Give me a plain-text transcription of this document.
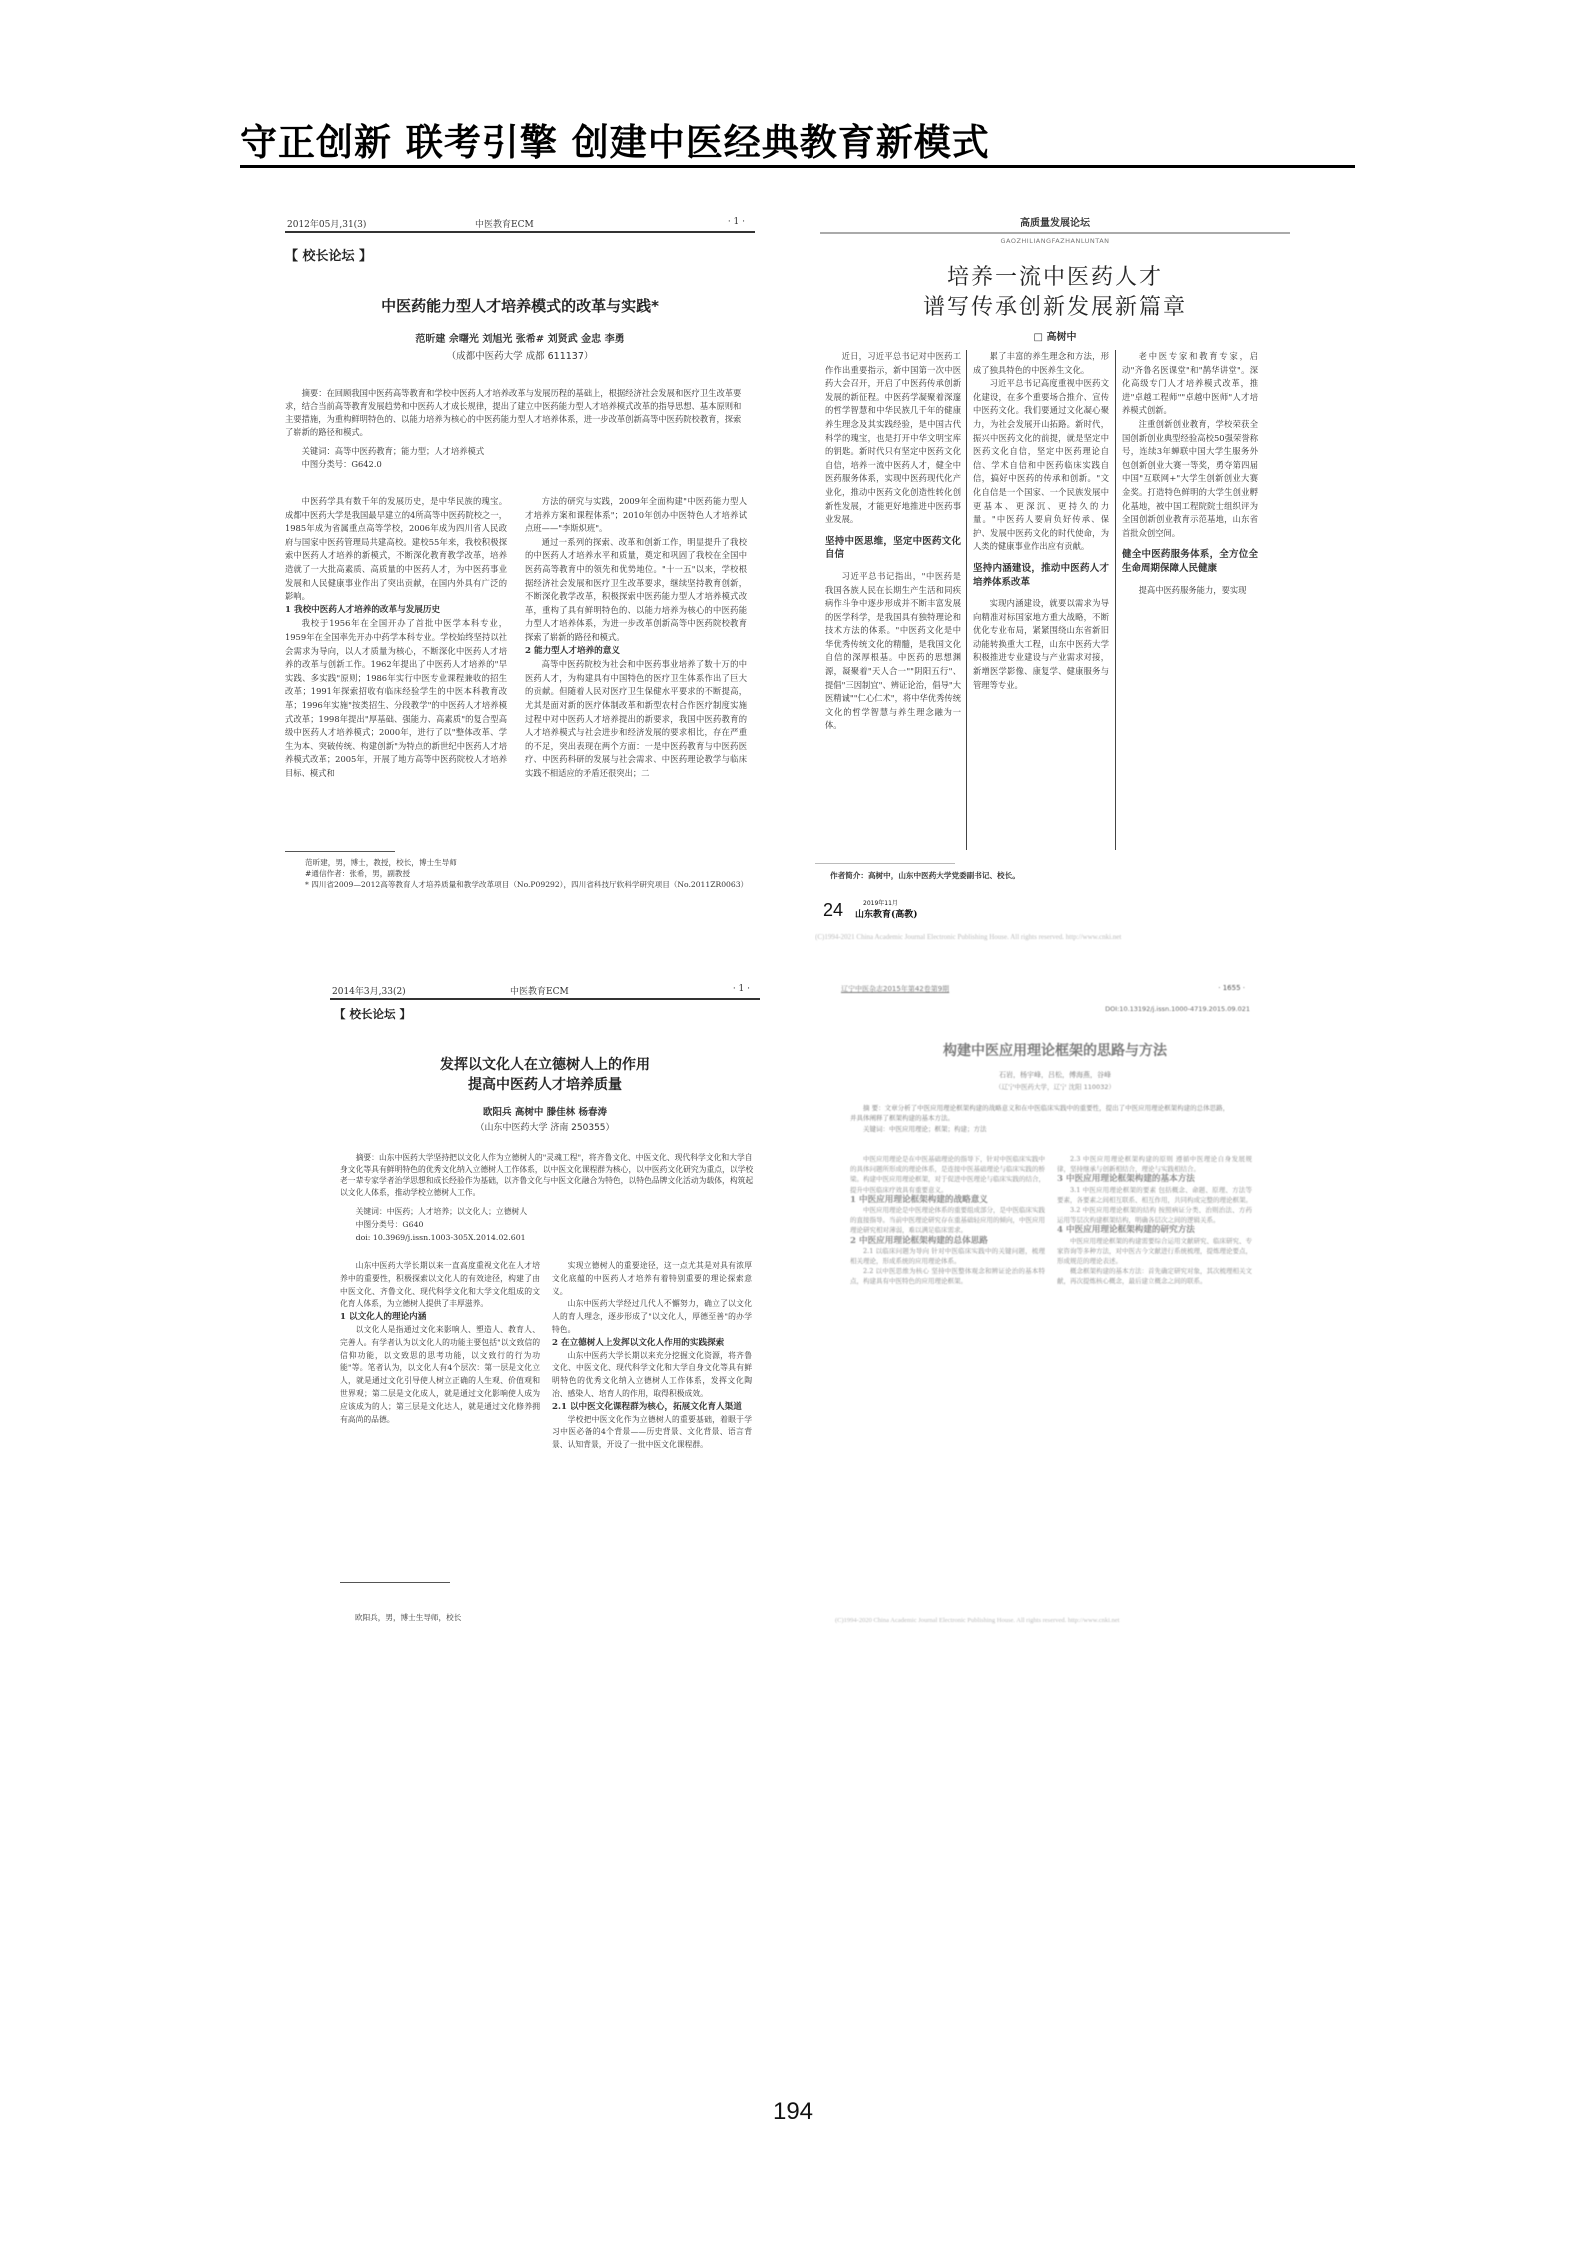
守正创新 联考引擎 创建中医经典教育新模式
2012年05月,31(3)	中医教育ECM	· 1 ·
【 校长论坛 】
中医药能力型人才培养模式的改革与实践*
范昕建 佘曙光 刘旭光 张希# 刘贤武 金忠 李勇
（成都中医药大学 成都 611137）
摘要：在回顾我国中医药高等教育和学校中医药人才培养改革与发展历程的基础上，根据经济社会发展和医疗卫生改革要求，结合当前高等教育发展趋势和中医药人才成长规律，提出了建立中医药能力型人才培养模式改革的指导思想、基本原则和主要措施，为重构鲜明特色的、以能力培养为核心的中医药能力型人才培养体系，进一步改革创新高等中医药院校教育，探索了崭新的路径和模式。
关键词：高等中医药教育；能力型；人才培养模式
中图分类号：G642.0

中医药学具有数千年的发展历史，是中华民族的瑰宝。成都中医药大学是我国最早建立的4所高等中医药院校之一，1985年成为省属重点高等学校，2006年成为四川省人民政府与国家中医药管理局共建高校。建校55年来，我校积极探索中医药人才培养的新模式，不断深化教育教学改革，培养造就了一大批高素质、高质量的中医药人才，为中医药事业发展和人民健康事业作出了突出贡献，在国内外具有广泛的影响。

1 我校中医药人才培养的改革与发展历史

我校于1956年在全国开办了首批中医学本科专业，1959年在全国率先开办中药学本科专业。学校始终坚持以社会需求为导向，以人才质量为核心，不断深化中医药人才培养的改革与创新工作。1962年提出了中医药人才培养的"早实践、多实践"原则；1986年实行中医专业课程兼收的招生改革；1991年探索招收有临床经验学生的中医本科教育改革；1996年实施"按类招生、分段教学"的中医药人才培养模式改革；1998年提出"厚基础、强能力、高素质"的复合型高级中医药人才培养模式；2000年，进行了以"整体改革、学生为本、突破传统、构建创新"为特点的新世纪中医药人才培养模式改革；2005年，开展了地方高等中医药院校人才培养目标、模式和

方法的研究与实践，2009年全面构建"中医药能力型人才培养方案和课程体系"；2010年创办中医特色人才培养试点班——"李斯炽班"。

通过一系列的探索、改革和创新工作，明显提升了我校的中医药人才培养水平和质量，奠定和巩固了我校在全国中医药高等教育中的领先和优势地位。"十一五"以来，学校根据经济社会发展和医疗卫生改革要求，继续坚持教育创新，不断深化教学改革，积极探索中医药能力型人才培养模式改革，重构了具有鲜明特色的、以能力培养为核心的中医药能力型人才培养体系，为进一步改革创新高等中医药院校教育探索了崭新的路径和模式。

2 能力型人才培养的意义

高等中医药院校为社会和中医药事业培养了数十万的中医药人才，为构建具有中国特色的医疗卫生体系作出了巨大的贡献。但随着人民对医疗卫生保健水平要求的不断提高，尤其是面对新的医疗体制改革和新型农村合作医疗制度实施过程中对中医药人才培养提出的新要求，我国中医药教育的人才培养模式与社会进步和经济发展的要求相比，存在严重的不足，突出表现在两个方面：一是中医药教育与中医药医疗、中医药科研的发展与社会需求、中医药理论教学与临床实践不相适应的矛盾还很突出；二

范昕建，男，博士，教授，校长，博士生导师
#通信作者：张希，男，副教授
* 四川省2009—2012高等教育人才培养质量和教学改革项目（No.P09292），四川省科技厅软科学研究项目（No.2011ZR0063）
高质量发展论坛
GAOZHILIANGFAZHANLUNTAN
培养一流中医药人才
谱写传承创新发展新篇章
□ 高树中

近日，习近平总书记对中医药工作作出重要指示，新中国第一次中医药大会召开，开启了中医药传承创新发展的新征程。中医药学凝聚着深邃的哲学智慧和中华民族几千年的健康养生理念及其实践经验，是中国古代科学的瑰宝，也是打开中华文明宝库的钥匙。新时代只有坚定中医药文化自信，培养一流中医药人才，健全中医药服务体系，实现中医药现代化产业化，推动中医药文化创造性转化创新性发展，才能更好地推进中医药事业发展。

坚持中医思维，坚定中医药文化自信

习近平总书记指出，"中医药是我国各族人民在长期生产生活和同疾病作斗争中逐步形成并不断丰富发展的医学科学，是我国具有独特理论和技术方法的体系。"中医药文化是中华优秀传统文化的精髓，是我国文化自信的深厚根基。中医药的思想渊源，凝聚着"天人合一""阴阳五行"、提倡"三因制宜"、辨证论治，倡导"大医精诚""仁心仁术"，将中华优秀传统文化的哲学智慧与养生理念融为一体。

累了丰富的养生理念和方法，形成了独具特色的中医养生文化。

习近平总书记高度重视中医药文化建设，在多个重要场合推介、宣传中医药文化。我们要通过文化凝心聚力，为社会发展开山拓路。新时代，振兴中医药文化的前提，就是坚定中医药文化自信，坚定中医药理论自信、学术自信和中医药临床实践自信，搞好中医药的传承和创新。"文化自信是一个国家、一个民族发展中更基本、更深沉、更持久的力量。"中医药人要肩负好传承、保护、发展中医药文化的时代使命，为人类的健康事业作出应有贡献。

坚持内涵建设，推动中医药人才培养体系改革

实现内涵建设，就要以需求为导向精准对标国家地方重大战略，不断优化专业布局，紧紧围绕山东省新旧动能转换重大工程，山东中医药大学积极推进专业建设与产业需求对接，新增医学影像、康复学、健康服务与管理等专业。

老中医专家和教育专家，启动"齐鲁名医课堂"和"鹊华讲堂"。深化高级专门人才培养模式改革，推进"卓越工程师""卓越中医师"人才培养模式创新。

注重创新创业教育，学校荣获全国创新创业典型经验高校50强荣誉称号，连续3年蝉联中国大学生服务外包创新创业大赛一等奖，勇夺第四届中国"互联网+"大学生创新创业大赛金奖。打造特色鲜明的大学生创业孵化基地，被中国工程院院士组织评为全国创新创业教育示范基地，山东省首批众创空间。

健全中医药服务体系，全方位全生命周期保障人民健康

提高中医药服务能力，要实现

作者简介：高树中，山东中医药大学党委副书记、校长。
24	2019年11月
山东教育(高教)
(C)1994-2021 China Academic Journal Electronic Publishing House. All rights reserved. http://www.cnki.net
2014年3月,33(2)	中医教育ECM	· 1 ·
【 校长论坛 】
发挥以文化人在立德树人上的作用
提高中医药人才培养质量
欧阳兵 高树中 滕佳林 杨春涛
（山东中医药大学 济南 250355）
摘要：山东中医药大学坚持把以文化人作为立德树人的"灵魂工程"，将齐鲁文化、中医文化、现代科学文化和大学自身文化等具有鲜明特色的优秀文化纳入立德树人工作体系，以中医文化课程群为核心，以中医药文化研究为重点，以学校老一辈专家学者治学思想和成长经验作为基础，以齐鲁文化与中医文化融合为特色，以特色品牌文化活动为载体，构筑起以文化人体系，推动学校立德树人工作。
关键词：中医药；人才培养；以文化人；立德树人
中图分类号：G640
doi: 10.3969/j.issn.1003-305X.2014.02.601

山东中医药大学长期以来一直高度重视文化在人才培养中的重要性，积极探索以文化人的有效途径，构建了由中医文化、齐鲁文化、现代科学文化和大学文化组成的文化育人体系，为立德树人提供了丰厚滋养。

1 以文化人的理论内涵

以文化人是指通过文化来影响人、塑造人、教育人、完善人。有学者认为以文化人的功能主要包括"以文致信的信仰功能，以文致思的思考功能，以文致行的行为功能"等。笔者认为，以文化人有4个层次：第一层是文化立人，就是通过文化引导使人树立正确的人生观、价值观和世界观；第二层是文化成人，就是通过文化影响使人成为应该成为的人；第三层是文化达人，就是通过文化修养拥有高尚的品德。

实现立德树人的重要途径，这一点尤其是对具有浓厚文化底蕴的中医药人才培养有着特别重要的理论探索意义。

山东中医药大学经过几代人不懈努力，确立了以文化人的育人理念，逐步形成了"以文化人，厚德至善"的办学特色。

2 在立德树人上发挥以文化人作用的实践探索

山东中医药大学长期以来充分挖掘文化资源，将齐鲁文化、中医文化、现代科学文化和大学自身文化等具有鲜明特色的优秀文化纳入立德树人工作体系，发挥文化陶冶、感染人、培育人的作用，取得积极成效。

2.1 以中医文化课程群为核心，拓展文化育人渠道

学校把中医文化作为立德树人的重要基础，着眼于学习中医必备的4个背景——历史背景、文化背景、语言背景、认知背景，开设了一批中医文化课程群。

欧阳兵，男，博士生导师，校长
辽宁中医杂志2015年第42卷第9期	· 1655 ·
DOI:10.13192/j.issn.1000-4719.2015.09.021
构建中医应用理论框架的思路与方法
石岩，杨宇峰，吕松，傅海燕，谷峰
（辽宁中医药大学，辽宁 沈阳 110032）
摘 要：文章分析了中医应用理论框架构建的战略意义和在中医临床实践中的重要性，提出了中医应用理论框架构建的总体思路，并具体阐释了框架构建的基本方法。
关键词：中医应用理论；框架；构建；方法

中医应用理论是在中医基础理论的指导下，针对中医临床实践中的具体问题所形成的理论体系，是连接中医基础理论与临床实践的桥梁。构建中医应用理论框架，对于促进中医理论与临床实践的结合，提升中医临床疗效具有重要意义。

1 中医应用理论框架构建的战略意义

中医应用理论是中医理论体系的重要组成部分，是中医临床实践的直接指导。当前中医理论研究存在重基础轻应用的倾向，中医应用理论研究相对薄弱，难以满足临床需求。

2 中医应用理论框架构建的总体思路

2.1 以临床问题为导向 针对中医临床实践中的关键问题，梳理相关理论，形成系统的应用理论体系。

2.2 以中医思维为核心 坚持中医整体观念和辨证论治的基本特点，构建具有中医特色的应用理论框架。

2.3 中医应用理论框架构建的原则 遵循中医理论自身发展规律，坚持继承与创新相结合，理论与实践相结合。

3 中医应用理论框架构建的基本方法

3.1 中医应用理论框架的要素 包括概念、命题、原理、方法等要素，各要素之间相互联系、相互作用，共同构成完整的理论框架。

3.2 中医应用理论框架的结构 按照病证分类、治则治法、方药运用等层次构建框架结构，明确各层次之间的逻辑关系。

4 中医应用理论框架构建的研究方法

中医应用理论框架的构建需要综合运用文献研究、临床研究、专家咨询等多种方法，对中医古今文献进行系统梳理，提炼理论要点，形成规范的理论表述。

概念框架构建的基本方法：首先确定研究对象，其次梳理相关文献，再次提炼核心概念，最后建立概念之间的联系。

(C)1994-2020 China Academic Journal Electronic Publishing House. All rights reserved. http://www.cnki.net
194
